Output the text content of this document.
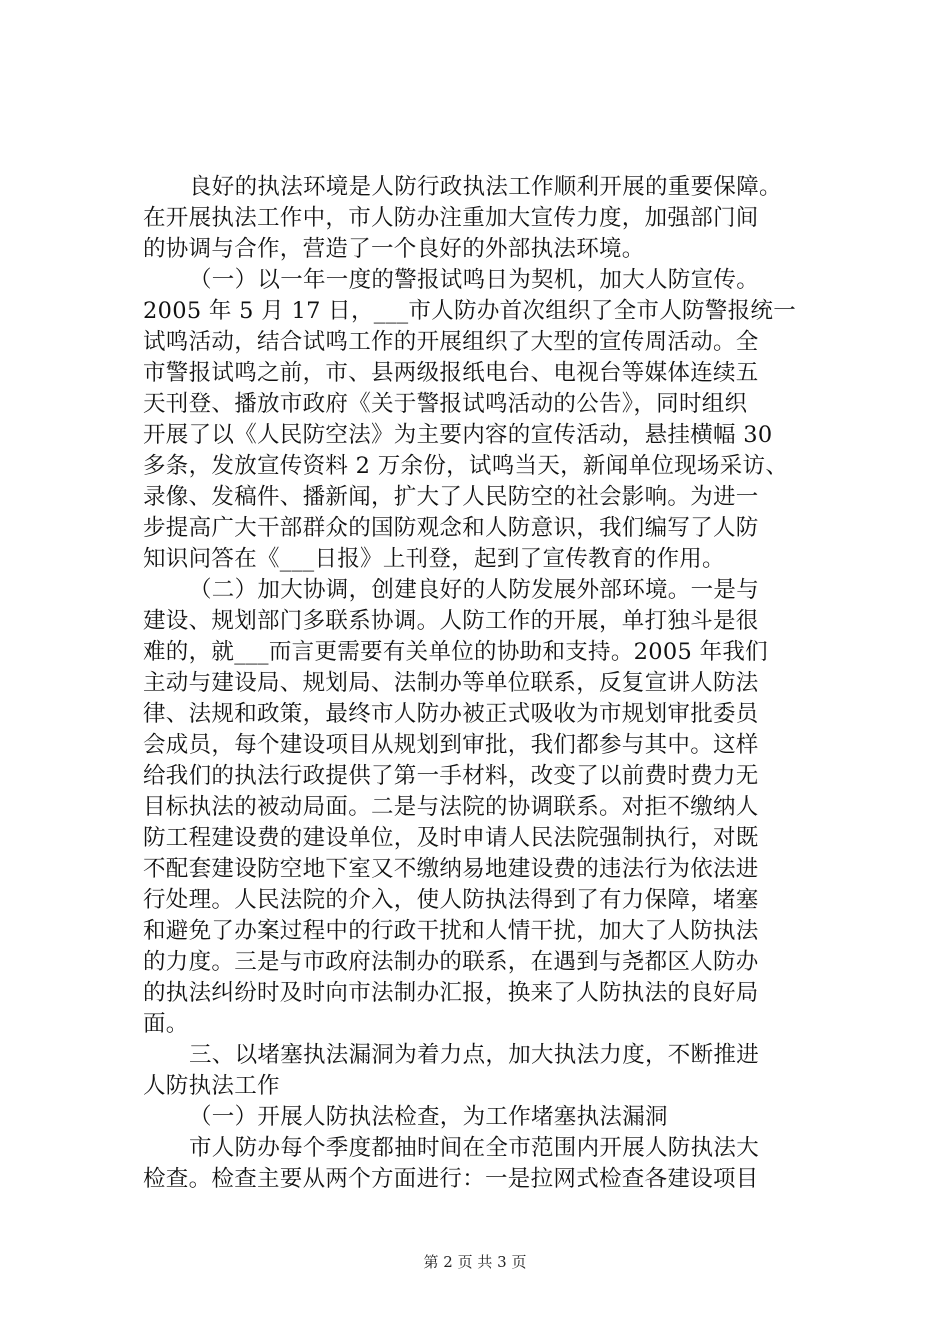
良好的执法环境是人防行政执法工作顺利开展的重要保障。
在开展执法工作中，市人防办注重加大宣传力度，加强部门间
的协调与合作，营造了一个良好的外部执法环境。
（一）以一年一度的警报试鸣日为契机，加大人防宣传。
2005 年 5 月 17 日，___市人防办首次组织了全市人防警报统一
试鸣活动，结合试鸣工作的开展组织了大型的宣传周活动。全
市警报试鸣之前，市、县两级报纸电台、电视台等媒体连续五
天刊登、播放市政府《关于警报试鸣活动的公告》，同时组织
开展了以《人民防空法》为主要内容的宣传活动，悬挂横幅 30
多条，发放宣传资料 2 万余份，试鸣当天，新闻单位现场采访、
录像、发稿件、播新闻，扩大了人民防空的社会影响。为进一
步提高广大干部群众的国防观念和人防意识，我们编写了人防
知识问答在《___日报》上刊登，起到了宣传教育的作用。
（二）加大协调，创建良好的人防发展外部环境。一是与
建设、规划部门多联系协调。人防工作的开展，单打独斗是很
难的，就___而言更需要有关单位的协助和支持。2005 年我们
主动与建设局、规划局、法制办等单位联系，反复宣讲人防法
律、法规和政策，最终市人防办被正式吸收为市规划审批委员
会成员，每个建设项目从规划到审批，我们都参与其中。这样
给我们的执法行政提供了第一手材料，改变了以前费时费力无
目标执法的被动局面。二是与法院的协调联系。对拒不缴纳人
防工程建设费的建设单位，及时申请人民法院强制执行，对既
不配套建设防空地下室又不缴纳易地建设费的违法行为依法进
行处理。人民法院的介入，使人防执法得到了有力保障，堵塞
和避免了办案过程中的行政干扰和人情干扰，加大了人防执法
的力度。三是与市政府法制办的联系，在遇到与尧都区人防办
的执法纠纷时及时向市法制办汇报，换来了人防执法的良好局
面。
三、以堵塞执法漏洞为着力点，加大执法力度，不断推进
人防执法工作
（一）开展人防执法检查，为工作堵塞执法漏洞
市人防办每个季度都抽时间在全市范围内开展人防执法大
检查。检查主要从两个方面进行：一是拉网式检查各建设项目
第 2 页 共 3 页
